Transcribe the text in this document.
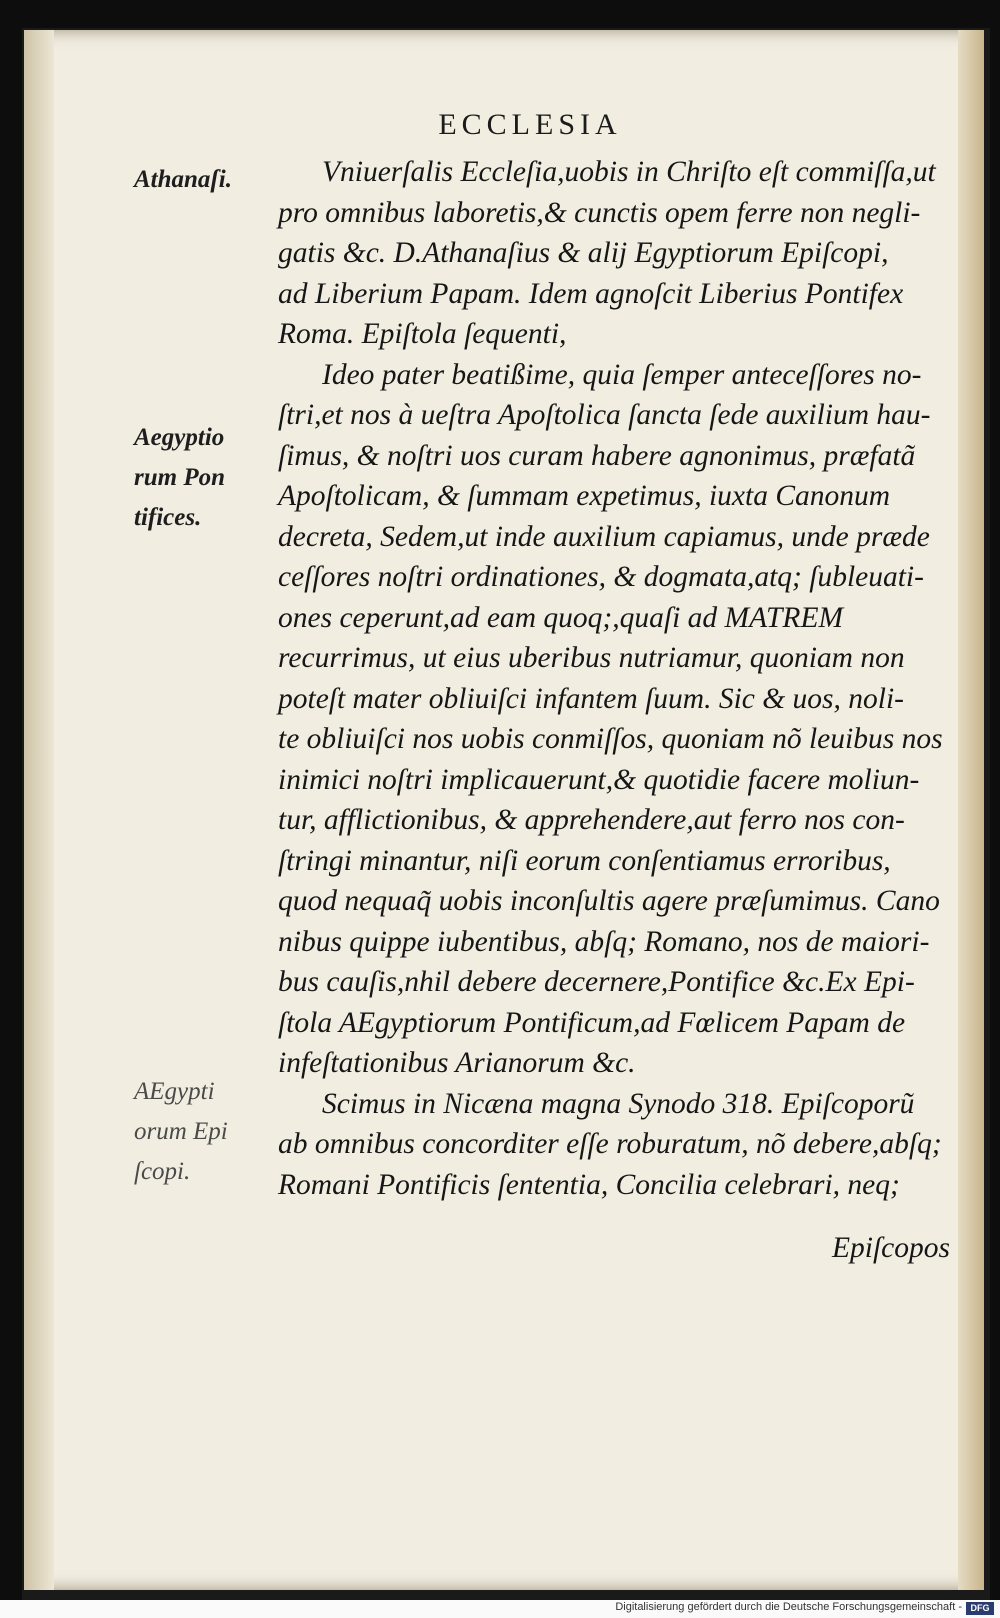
ECCLESIA
Athanaſi.
Aegyptio
rum Pon
tifices.
AEgypti
orum Epi
ſcopi.
Vniuerſalis Eccleſia,uobis in Chriſto eſt commiſſa,ut
pro omnibus laboretis,& cunctis opem ferre non negli‑
gatis &c. D.Athanaſius & alij Egyptiorum Epiſcopi,
ad Liberium Papam. Idem agnoſcit Liberius Pontifex
Roma. Epiſtola ſequenti,
Ideo pater beatißime, quia ſemper anteceſſores no‑
ſtri,et nos à ueſtra Apoſtolica ſancta ſede auxilium hau‑
ſimus, & noſtri uos curam habere agnonimus, præfatã
Apoſtolicam, & ſummam expetimus, iuxta Canonum
decreta, Sedem,ut inde auxilium capiamus, unde præde
ceſſores noſtri ordinationes, & dogmata,atq; ſubleuati‑
ones ceperunt,ad eam quoq;,quaſi ad MATREM
recurrimus, ut eius uberibus nutriamur, quoniam non
poteſt mater obliuiſci infantem ſuum. Sic & uos, noli‑
te obliuiſci nos uobis conmiſſos, quoniam nõ leuibus nos
inimici noſtri implicauerunt,& quotidie facere moliun‑
tur, afflictionibus, & apprehendere,aut ferro nos con‑
ſtringi minantur, niſi eorum conſentiamus erroribus,
quod nequaq̃ uobis inconſultis agere præſumimus. Cano
nibus quippe iubentibus, abſq; Romano, nos de maiori‑
bus cauſis,nhil debere decernere,Pontifice &c.Ex Epi‑
ſtola AEgyptiorum Pontificum,ad Fœlicem Papam de
infeſtationibus Arianorum &c.
Scimus in Nicæna magna Synodo 318. Epiſcoporũ
ab omnibus concorditer eſſe roburatum, nõ debere,abſq;
Romani Pontificis ſententia, Concilia celebrari, neq;
Epiſcopos
Digitalisierung gefördert durch die Deutsche Forschungsgemeinschaft - DFG
